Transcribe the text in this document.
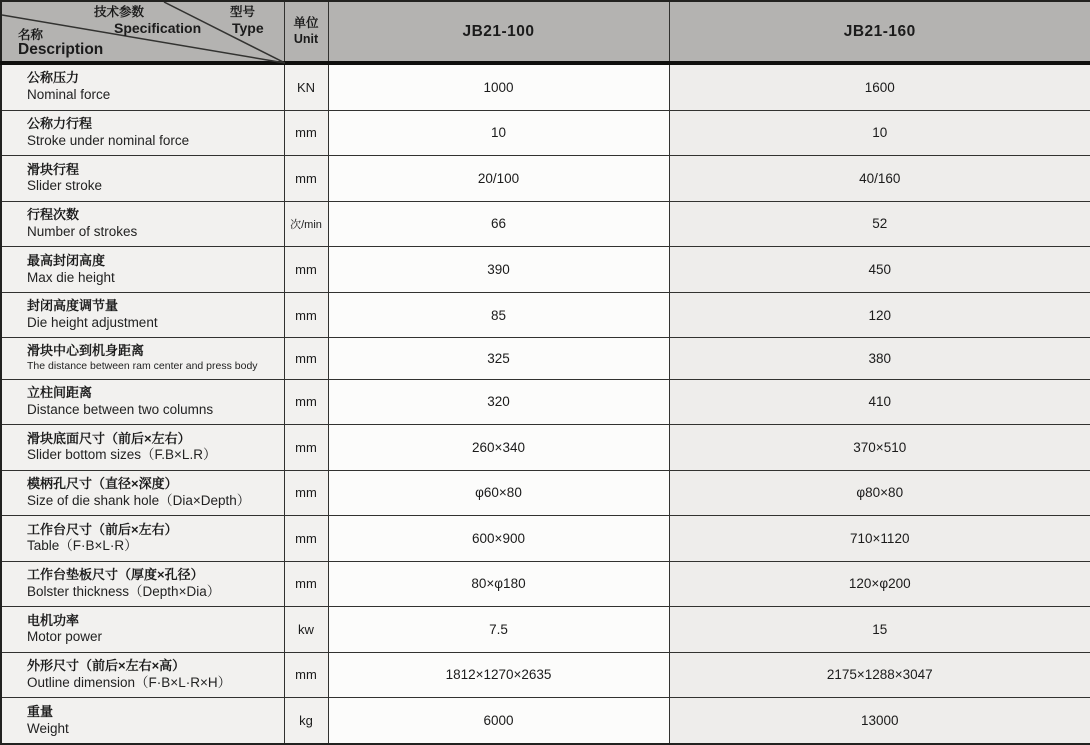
技术参数
Specification
型号
Type
名称
Description

单位
Unit	JB21-100	JB21-160

公称压力
Nominal force	KN	1000	1600

公称力行程
Stroke under nominal force	mm	10	10

滑块行程
Slider stroke	mm	20/100	40/160

行程次数
Number of strokes	次/min	66	52

最高封闭高度
Max die height	mm	390	450

封闭高度调节量
Die height adjustment	mm	85	120

滑块中心到机身距离
The distance between ram center and press body	mm	325	380

立柱间距离
Distance between two columns	mm	320	410

滑块底面尺寸（前后×左右）
Slider bottom sizes（F.B×L.R）	mm	260×340	370×510

模柄孔尺寸（直径×深度）
Size of die shank hole（Dia×Depth）	mm	φ60×80	φ80×80

工作台尺寸（前后×左右）
Table（F·B×L·R）	mm	600×900	710×1120

工作台垫板尺寸（厚度×孔径）
Bolster thickness（Depth×Dia）	mm	80×φ180	120×φ200

电机功率
Motor power	kw	7.5	15

外形尺寸（前后×左右×高）
Outline dimension（F·B×L·R×H）	mm	1812×1270×2635	2175×1288×3047

重量
Weight	kg	6000	13000
